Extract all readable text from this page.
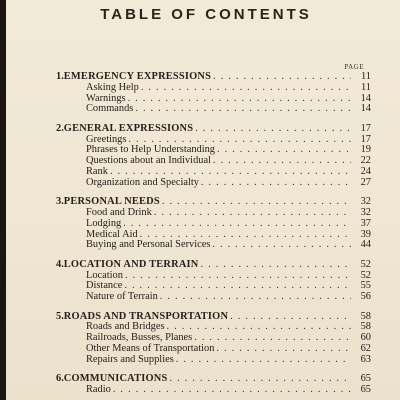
TABLE OF CONTENTS
PAGE
1. EMERGENCY EXPRESSIONS . . .	11
Asking Help . . .	11
Warnings . . .	14
Commands . . .	14
2. GENERAL EXPRESSIONS . . .	17
Greetings . . .	17
Phrases to Help Understanding . . .	19
Questions about an Individual . . .	22
Rank . . .	24
Organization and Specialty . . .	27
3. PERSONAL NEEDS . . .	32
Food and Drink . . .	32
Lodging . . .	37
Medical Aid . . .	39
Buying and Personal Services . . .	44
4. LOCATION AND TERRAIN . . .	52
Location . . .	52
Distance . . .	55
Nature of Terrain . . .	56
5. ROADS AND TRANSPORTATION . . .	58
Roads and Bridges . . .	58
Railroads, Busses, Planes . . .	60
Other Means of Transportation . . .	62
Repairs and Supplies . . .	63
6. COMMUNICATIONS . . .	65
Radio . . .	65
